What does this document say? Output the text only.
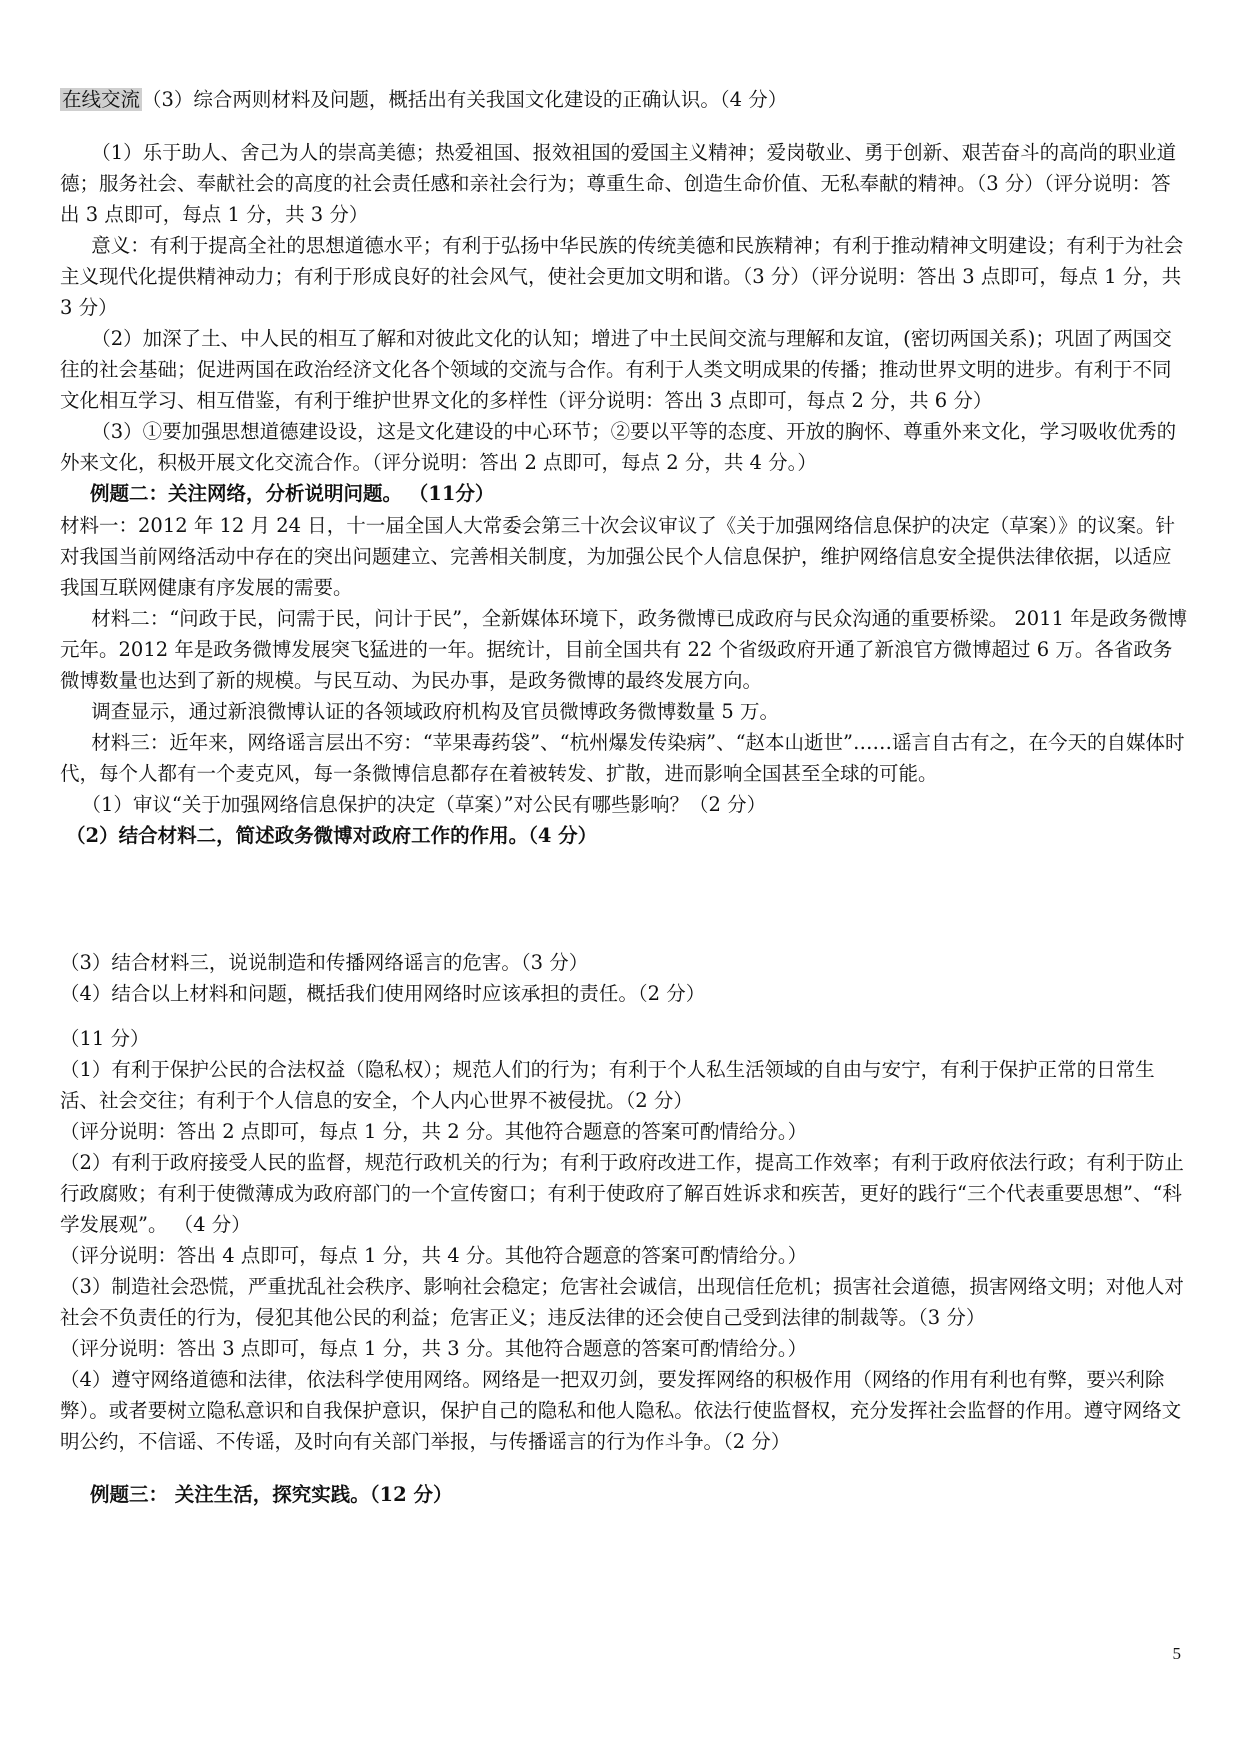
在线交流 （3）综合两则材料及问题，概括出有关我国文化建设的正确认识。（4 分）

（1）乐于助人、舍己为人的崇高美德；热爱祖国、报效祖国的爱国主义精神；爱岗敬业、勇于创新、艰苦奋斗的高尚的职业道德；服务社会、奉献社会的高度的社会责任感和亲社会行为；尊重生命、创造生命价值、无私奉献的精神。（3 分）（评分说明：答出 3 点即可，每点 1 分，共 3 分）

意义：有利于提高全社的思想道德水平；有利于弘扬中华民族的传统美德和民族精神；有利于推动精神文明建设；有利于为社会主义现代化提供精神动力；有利于形成良好的社会风气，使社会更加文明和谐。（3 分）（评分说明：答出 3 点即可，每点 1 分，共 3 分）

（2）加深了土、中人民的相互了解和对彼此文化的认知；增进了中土民间交流与理解和友谊，(密切两国关系)；巩固了两国交往的社会基础；促进两国在政治经济文化各个领域的交流与合作。有利于人类文明成果的传播；推动世界文明的进步。有利于不同文化相互学习、相互借鉴，有利于维护世界文化的多样性（评分说明：答出 3 点即可，每点 2 分，共 6 分）

（3）①要加强思想道德建设设，这是文化建设的中心环节；②要以平等的态度、开放的胸怀、尊重外来文化，学习吸收优秀的外来文化，积极开展文化交流合作。（评分说明：答出 2 点即可，每点 2 分，共 4 分。）

例题二：关注网络，分析说明问题。 （11分）

材料一：2012 年 12 月 24 日，十一届全国人大常委会第三十次会议审议了《关于加强网络信息保护的决定（草案）》的议案。针对我国当前网络活动中存在的突出问题建立、完善相关制度，为加强公民个人信息保护，维护网络信息安全提供法律依据，以适应我国互联网健康有序发展的需要。

材料二：“问政于民，问需于民，问计于民”，全新媒体环境下，政务微博已成政府与民众沟通的重要桥梁。 2011 年是政务微博元年。2012 年是政务微博发展突飞猛进的一年。据统计，目前全国共有 22 个省级政府开通了新浪官方微博超过 6 万。各省政务微博数量也达到了新的规模。与民互动、为民办事，是政务微博的最终发展方向。

调查显示，通过新浪微博认证的各领域政府机构及官员微博政务微博数量 5 万。

材料三：近年来，网络谣言层出不穷：“苹果毒药袋”、“杭州爆发传染病”、“赵本山逝世”……谣言自古有之，在今天的自媒体时代，每个人都有一个麦克风，每一条微博信息都存在着被转发、扩散，进而影响全国甚至全球的可能。

（1）审议“关于加强网络信息保护的决定（草案）”对公民有哪些影响？（2 分）

（2）结合材料二，简述政务微博对政府工作的作用。（4 分）

（3）结合材料三，说说制造和传播网络谣言的危害。（3 分）

（4）结合以上材料和问题，概括我们使用网络时应该承担的责任。（2 分）

（11 分）

（1）有利于保护公民的合法权益（隐私权）；规范人们的行为；有利于个人私生活领域的自由与安宁，有利于保护正常的日常生活、社会交往；有利于个人信息的安全，个人内心世界不被侵扰。（2 分）

（评分说明：答出 2 点即可，每点 1 分，共 2 分。其他符合题意的答案可酌情给分。）

（2）有利于政府接受人民的监督，规范行政机关的行为；有利于政府改进工作，提高工作效率；有利于政府依法行政；有利于防止行政腐败；有利于使微薄成为政府部门的一个宣传窗口；有利于使政府了解百姓诉求和疾苦，更好的践行“三个代表重要思想”、“科学发展观”。 （4 分）

（评分说明：答出 4 点即可，每点 1 分，共 4 分。其他符合题意的答案可酌情给分。）

（3）制造社会恐慌，严重扰乱社会秩序、影响社会稳定；危害社会诚信，出现信任危机；损害社会道德，损害网络文明；对他人对社会不负责任的行为，侵犯其他公民的利益；危害正义；违反法律的还会使自己受到法律的制裁等。（3 分）

（评分说明：答出 3 点即可，每点 1 分，共 3 分。其他符合题意的答案可酌情给分。）

（4）遵守网络道德和法律，依法科学使用网络。网络是一把双刃剑，要发挥网络的积极作用（网络的作用有利也有弊，要兴利除弊）。或者要树立隐私意识和自我保护意识，保护自己的隐私和他人隐私。依法行使监督权，充分发挥社会监督的作用。遵守网络文明公约，不信谣、不传谣，及时向有关部门举报，与传播谣言的行为作斗争。（2 分）

例题三： 关注生活，探究实践。（12 分）

5
